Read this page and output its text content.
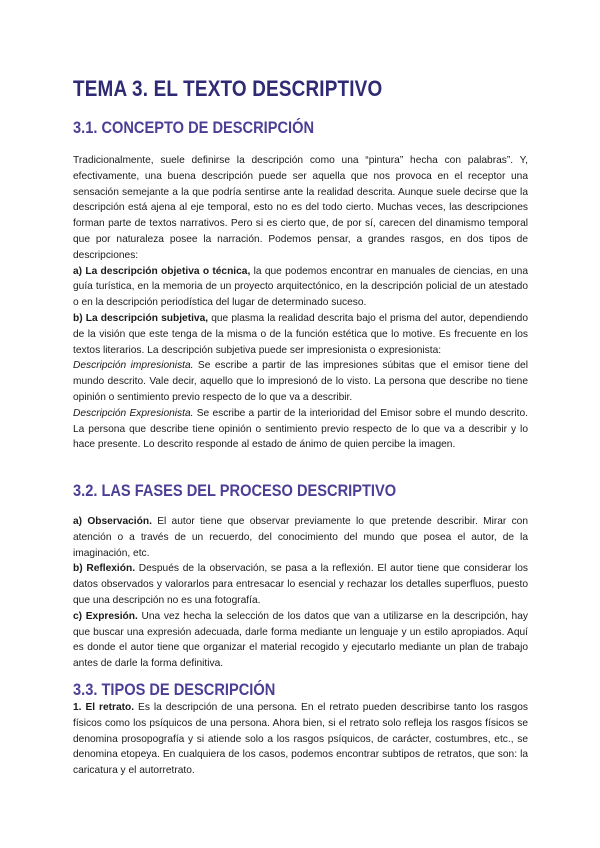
TEMA 3. EL TEXTO DESCRIPTIVO
3.1. CONCEPTO DE DESCRIPCIÓN

Tradicionalmente, suele definirse la descripción como una “pintura” hecha con palabras”. Y, efectivamente, una buena descripción puede ser aquella que nos provoca en el receptor una sensación semejante a la que podría sentirse ante la realidad descrita. Aunque suele decirse que la descripción está ajena al eje temporal, esto no es del todo cierto. Muchas veces, las descripciones forman parte de textos narrativos. Pero si es cierto que, de por sí, carecen del dinamismo temporal que por naturaleza posee la narración. Podemos pensar, a grandes rasgos, en dos tipos de descripciones:

a) La descripción objetiva o técnica, la que podemos encontrar en manuales de ciencias, en una guía turística, en la memoria de un proyecto arquitectónico, en la descripción policial de un atestado o en la descripción periodística del lugar de determinado suceso.

b) La descripción subjetiva, que plasma la realidad descrita bajo el prisma del autor, dependiendo de la visión que este tenga de la misma o de la función estética que lo motive. Es frecuente en los textos literarios. La descripción subjetiva puede ser impresionista o expresionista:

Descripción impresionista. Se escribe a partir de las impresiones súbitas que el emisor tiene del mundo descrito. Vale decir, aquello que lo impresionó de lo visto. La persona que describe no tiene opinión o sentimiento previo respecto de lo que va a describir.

Descripción Expresionista. Se escribe a partir de la interioridad del Emisor sobre el mundo descrito. La persona que describe tiene opinión o sentimiento previo respecto de lo que va a describir y lo hace presente. Lo descrito responde al estado de ánimo de quien percibe la imagen.

3.2. LAS FASES DEL PROCESO DESCRIPTIVO

a) Observación. El autor tiene que observar previamente lo que pretende describir. Mirar con atención o a través de un recuerdo, del conocimiento del mundo que posea el autor, de la imaginación, etc.

b) Reflexión. Después de la observación, se pasa a la reflexión. El autor tiene que considerar los datos observados y valorarlos para entresacar lo esencial y rechazar los detalles superfluos, puesto que una descripción no es una fotografía.

c) Expresión. Una vez hecha la selección de los datos que van a utilizarse en la descripción, hay que buscar una expresión adecuada, darle forma mediante un lenguaje y un estilo apropiados. Aquí es donde el autor tiene que organizar el material recogido y ejecutarlo mediante un plan de trabajo antes de darle la forma definitiva.

3.3. TIPOS DE DESCRIPCIÓN

1. El retrato. Es la descripción de una persona. En el retrato pueden describirse tanto los rasgos físicos como los psíquicos de una persona. Ahora bien, si el retrato solo refleja los rasgos físicos se denomina prosopografía y si atiende solo a los rasgos psíquicos, de carácter, costumbres, etc., se denomina etopeya. En cualquiera de los casos, podemos encontrar subtipos de retratos, que son: la caricatura y el autorretrato.
